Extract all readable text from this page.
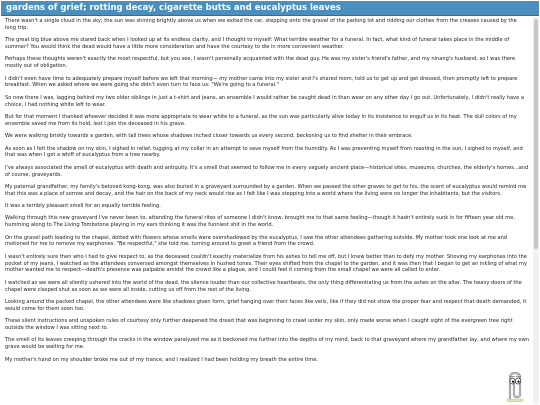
gardens of grief; rotting decay, cigarette butts and eucalyptus leaves

There wasn't a single cloud in the sky; the sun was shining brightly above us when we exited the car, stepping onto the gravel of the parking lot and ridding our clothes from the creases caused by the long trip.

The great big blue above me stared back when I looked up at its endless clarity, and I thought to myself: What terrible weather for a funeral. In fact, what kind of funeral takes place in the middle of summer? You would think the dead would have a little more consideration and have the courtesy to die in more convenient weather.

Perhaps these thoughts weren't exactly the most respectful, but you see, I wasn't personally acquainted with the dead guy. He was my sister's friend's father, and my ninang's husband, so I was there mostly out of obligation.

I didn't even have time to adequately prepare myself before we left that morning— my mother came into my sister and I's shared room, told us to get up and get dressed, then promptly left to prepare breakfast. When we asked where we were going she didn't even turn to face us: "We're going to a funeral."

So now there I was, lagging behind my two older siblings in just a t-shirt and jeans, an ensemble I would rather be caught dead in than wear on any other day I go out. Unfortunately, I didn't really have a choice, I had nothing white left to wear.

But for that moment I thanked whoever decided it was more appropriate to wear white to a funeral, as the sun was particularly alive today in its insistence to engulf us in its heat. The dull colors of my ensemble saved me from its hold, lest I join the deceased in his grave.

We were walking briskly towards a garden, with tall trees whose shadows inched closer towards us every second, beckoning us to find shelter in their embrace.

As soon as I felt the shadow on my skin, I sighed in relief, tugging at my collar in an attempt to save myself from the humidity. As I was preventing myself from roasting in the sun, I sighed to myself, and that was when I got a whiff of eucalyptus from a tree nearby.

I've always associated the smell of eucalyptus with death and antiquity. It's a smell that seemed to follow me in every vaguely ancient place—historical sites, museums, churches, the elderly's homes...and of course, graveyards.

My paternal grandfather, my family's beloved kong-kong, was also buried in a graveyard surrounded by a garden. When we passed the other graves to get to his, the scent of eucalyptus would remind me that this was a place of sorrow and decay, and the hair on the back of my neck would rise as I felt like I was stepping into a world where the living were no longer the inhabitants, but the visitors.

It was a terribly pleasant smell for an equally terrible feeling.

Walking through this new graveyard I've never been to, attending the funeral rites of someone I didn't know, brought me to that same feeling—though it hadn't entirely sunk in for fifteen year old me, humming along to The Living Tombstone playing in my ears thinking it was the funniest shit in the world.

On the gravel path leading to the chapel, dotted with flowers whose smells were overshadowed by the eucalyptus, I saw the other attendees gathering outside. My mother took one look at me and motioned for me to remove my earphones. "Be respectful," she told me, turning around to greet a friend from the crowd.

I wasn't entirely sure then who I had to give respect to, as the deceased couldn't exactly materialize from his ashes to tell me off, but I knew better than to defy my mother. Shoving my earphones into the pocket of my jeans, I watched as the attendees conversed amongst themselves in hushed tones. Their eyes shifted from the chapel to the garden, and it was then that I began to get an inkling of what my mother wanted me to respect—death's presence was palpable amidst the crowd like a plague, and I could feel it coming from the small chapel we were all called to enter.

I watched as we were all silently ushered into the world of the dead, the silence louder than our collective heartbeats, the only thing differentiating us from the ashes on the altar. The heavy doors of the chapel were clasped shut as soon as we were all inside, cutting us off from the rest of the living.

Looking around the packed chapel, the other attendees were like shadows given form, grief hanging over their faces like veils, like if they did not show the proper fear and respect that death demanded, it would come for them soon too.

These silent instructions and unspoken rules of courtesy only further deepened the dread that was beginning to crawl under my skin, only made worse when I caught sight of the evergreen tree right outside the window I was sitting next to.

The smell of its leaves creeping through the cracks in the window paralyzed me as it beckoned me further into the depths of my mind, back to that graveyard where my grandfather lay, and where my own grave would be waiting for me.

My mother's hand on my shoulder broke me out of my trance, and I realized I had been holding my breath the entire time.
